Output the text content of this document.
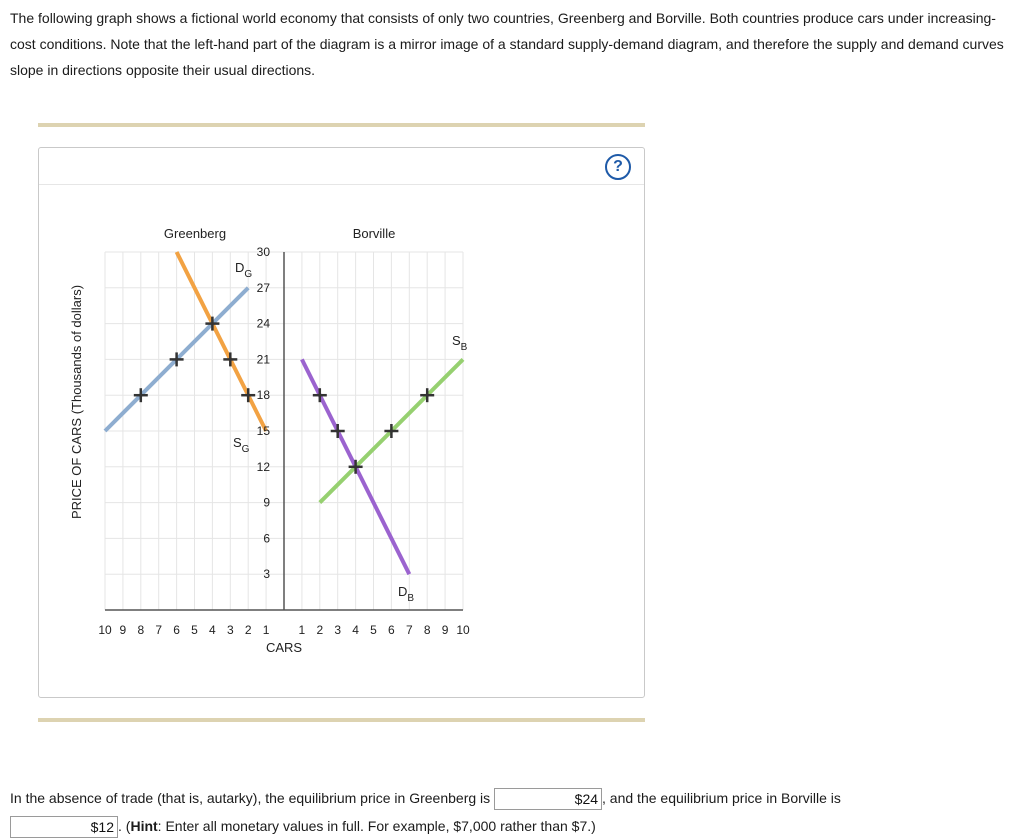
The following graph shows a fictional world economy that consists of only two countries, Greenberg and Borville. Both countries produce cars under increasing-cost conditions. Note that the left-hand part of the diagram is a mirror image of a standard supply-demand diagram, and therefore the supply and demand curves slope in directions opposite their usual directions.
?
PRICE OF CARS (Thousands of dollars)
CARS
Greenberg	Borville
3
6
9
12
15
18
21
24
27
30
10 9 8 7 6 5 4 3 2 1 1 2 3 4 5 6 7 8 9 10
$D_G$
$S_G$
$D_B$
$S_B$
In the absence of trade (that is, autarky), the equilibrium price in Greenberg is	$24 , and the equilibrium price in Borville is
$12 . (Hint: Enter all monetary values in full. For example, $7,000 rather than $7.)
